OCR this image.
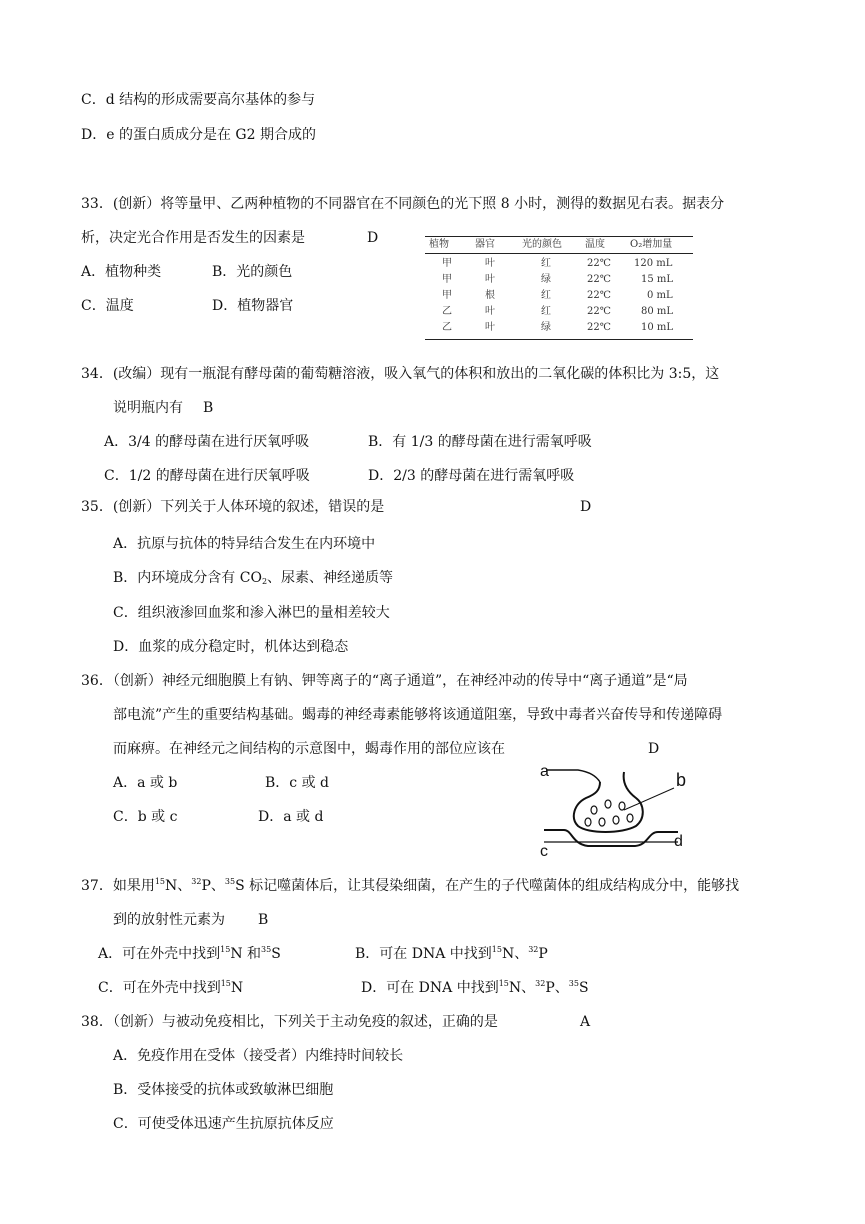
C．d 结构的形成需要高尔基体的参与
D．e 的蛋白质成分是在 G2 期合成的
33．(创新）将等量甲、乙两种植物的不同器官在不同颜色的光下照 8 小时，测得的数据见右表。据表分
析，决定光合作用是否发生的因素是	D
A．植物种类	B．光的颜色
C．温度	D．植物器官
植物	器官	光的颜色 温度	O₂增加量
甲	叶	红	22℃ 120 mL
甲	叶	绿	22℃	15 mL
甲	根	红	22℃	0 mL
乙	叶	红	22℃	80 mL
乙	叶	绿	22℃	10 mL
34．(改编）现有一瓶混有酵母菌的葡萄糖溶液，吸入氧气的体积和放出的二氧化碳的体积比为 3:5，这
说明瓶内有 B
A．3/4 的酵母菌在进行厌氧呼吸	B．有 1/3 的酵母菌在进行需氧呼吸
C．1/2 的酵母菌在进行厌氧呼吸	D．2/3 的酵母菌在进行需氧呼吸
35．(创新）下列关于人体环境的叙述，错误的是	D
A．抗原与抗体的特异结合发生在内环境中
B．内环境成分含有 $CO_2$、尿素、神经递质等
C．组织液渗回血浆和渗入淋巴的量相差较大
D．血浆的成分稳定时，机体达到稳态
36．（创新）神经元细胞膜上有钠、钾等离子的“离子通道”，在神经冲动的传导中“离子通道”是“局
部电流”产生的重要结构基础。蝎毒的神经毒素能够将该通道阻塞，导致中毒者兴奋传导和传递障碍
而麻痹。在神经元之间结构的示意图中，蝎毒作用的部位应该在	D
A．a 或 b	B．c 或 d
C．b 或 c	D．a 或 d
a	b
c
d
37．如果用$^{15}$N、$^{32}$P、$^{35}$S 标记噬菌体后，让其侵染细菌，在产生的子代噬菌体的组成结构成分中，能够找
到的放射性元素为 B
A．可在外壳中找到$^{15}$N 和$^{35}$S	B．可在 DNA 中找到$^{15}$N、$^{32}$P
C．可在外壳中找到$^{15}$N	D．可在 DNA 中找到$^{15}$N、$^{32}$P、$^{35}$S
38．（创新）与被动免疫相比，下列关于主动免疫的叙述，正确的是	A
A．免疫作用在受体（接受者）内维持时间较长
B．受体接受的抗体或致敏淋巴细胞
C．可使受体迅速产生抗原抗体反应
